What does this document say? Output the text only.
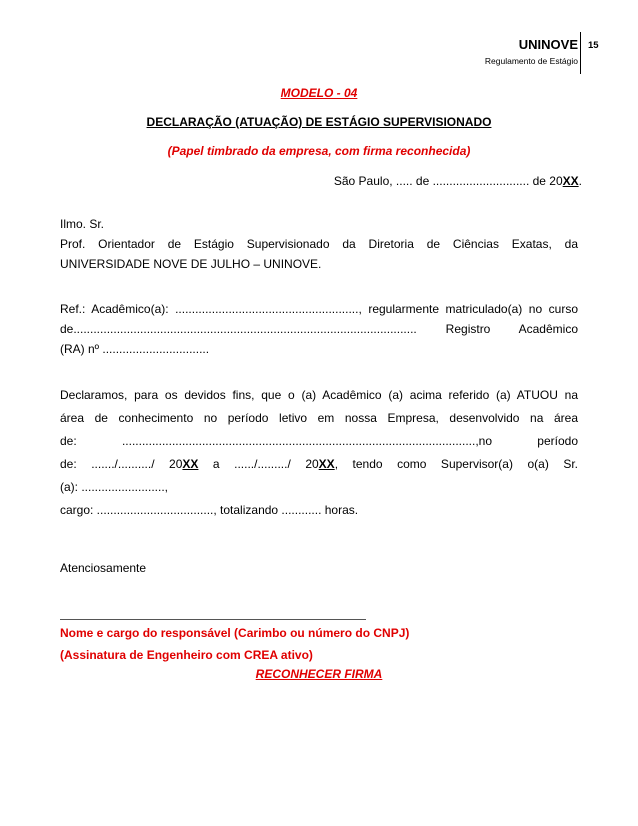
UNINOVE
Regulamento de Estágio
15
MODELO - 04
DECLARAÇÃO (ATUAÇÃO) DE ESTÁGIO SUPERVISIONADO
(Papel timbrado da empresa, com firma reconhecida)
São Paulo, ..... de ............................. de 20XX.
Ilmo. Sr.
Prof. Orientador de Estágio Supervisionado da Diretoria de Ciências Exatas, da
UNIVERSIDADE NOVE DE JULHO – UNINOVE.
Ref.: Acadêmico(a): ......................................................., regularmente matriculado(a) no curso
de....................................................................................................... Registro Acadêmico
(RA) nº ................................
Declaramos, para os devidos fins, que o (a) Acadêmico (a) acima referido (a) ATUOU na
área de conhecimento no período letivo em nossa Empresa, desenvolvido na área
de: ..........................................................................................................,no período
de: ......./........../ 20XX a ....../........./ 20XX, tendo como Supervisor(a) o(a) Sr.
(a): .........................,
cargo: ..................................., totalizando ............ horas.
Atenciosamente
Nome e cargo do responsável (Carimbo ou número do CNPJ)
(Assinatura de Engenheiro com CREA ativo)
RECONHECER FIRMA
